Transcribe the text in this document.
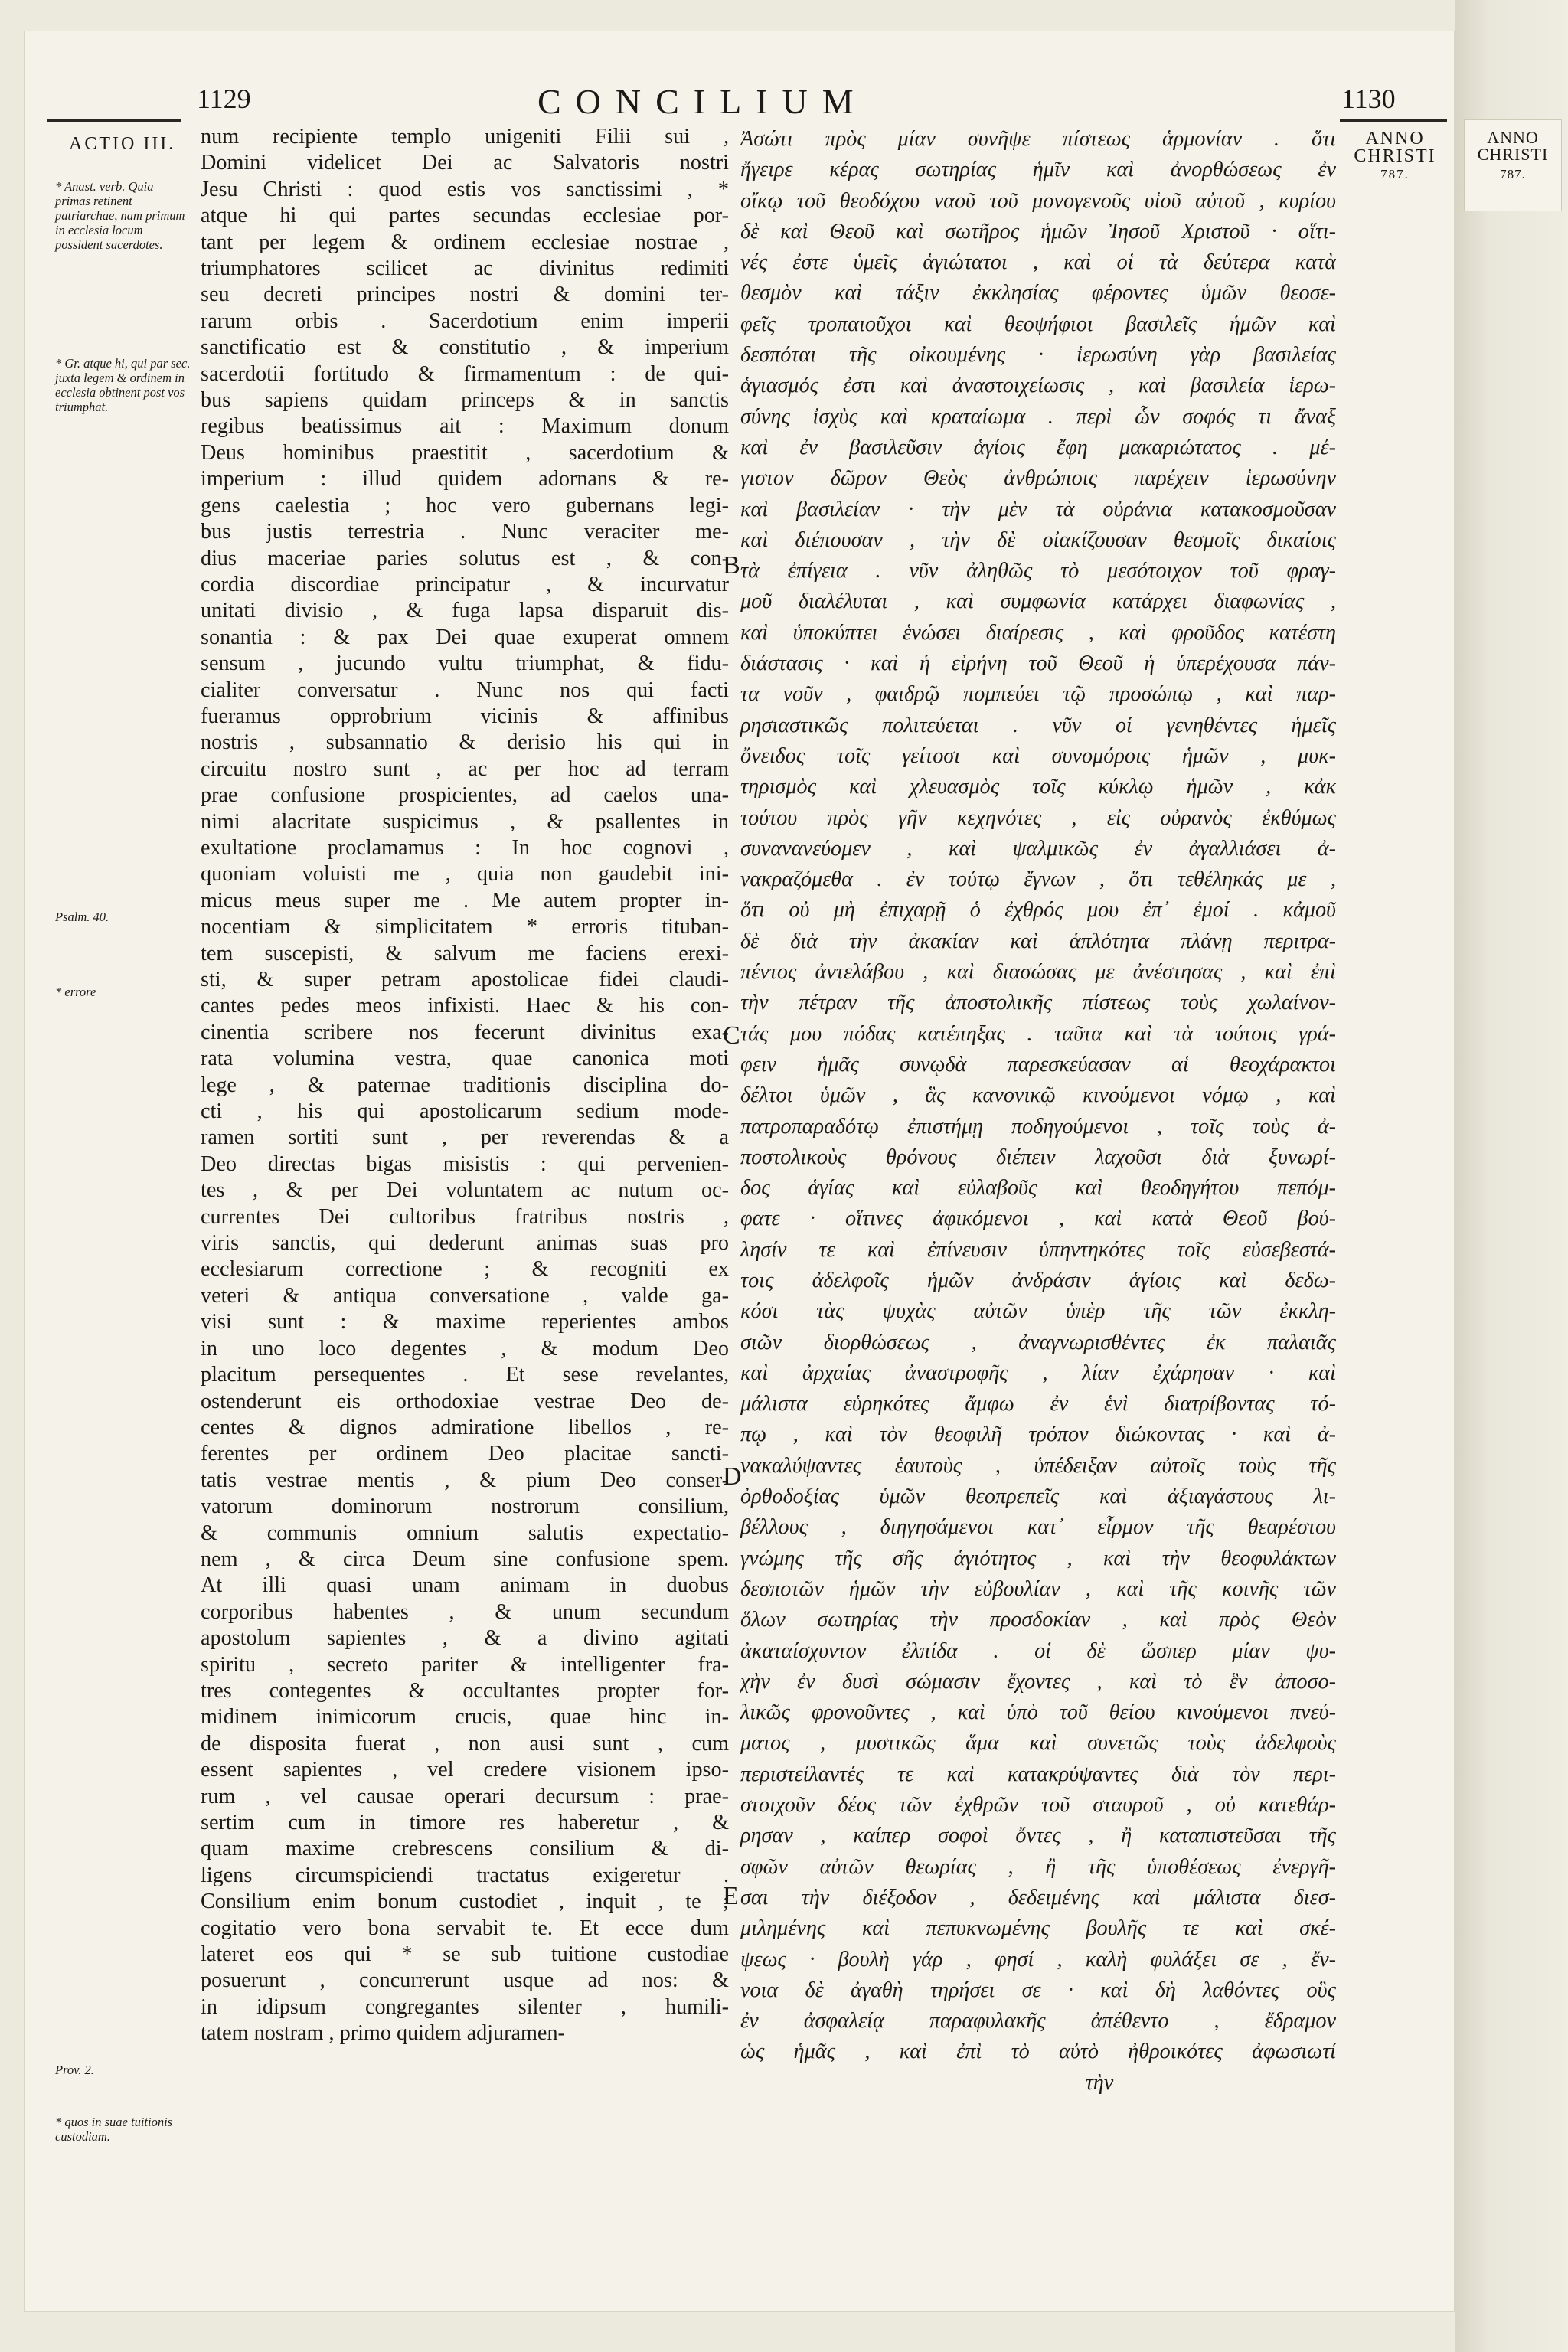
ANNO CHRISTI
787.
1129	CONCILIUM	1130
ANNO CHRISTI
787.
ACTIO III.
* Anast. verb. Quia primas retinent patriarchae, nam primum in ecclesia locum possident sacerdotes.
* Gr. atque hi, qui par sec. juxta legem & ordinem in ecclesia obtinent post vos triumphat.
Psalm. 40.
* errore
Prov. 2.
* quos in suae tuitionis custodiam.
num recipiente templo unigeniti Filii sui ,
Domini videlicet Dei ac Salvatoris nostri
Jesu Christi : quod estis vos sanctissimi , *
atque hi qui partes secundas ecclesiae por-
tant per legem & ordinem ecclesiae nostrae ,
triumphatores scilicet ac divinitus redimiti
seu decreti principes nostri & domini ter-
rarum orbis . Sacerdotium enim imperii
sanctificatio est & constitutio , & imperium
sacerdotii fortitudo & firmamentum : de qui-
bus sapiens quidam princeps & in sanctis
regibus beatissimus ait : Maximum donum
Deus hominibus praestitit , sacerdotium &
imperium : illud quidem adornans & re-
gens caelestia ; hoc vero gubernans legi-
bus justis terrestria . Nunc veraciter me-
dius maceriae paries solutus est , & con-
cordia discordiae principatur , & incurvatur
unitati divisio , & fuga lapsa disparuit dis-
sonantia : & pax Dei quae exuperat omnem
sensum , jucundo vultu triumphat, & fidu-
cialiter conversatur . Nunc nos qui facti
fueramus opprobrium vicinis & affinibus
nostris , subsannatio & derisio his qui in
circuitu nostro sunt , ac per hoc ad terram
prae confusione prospicientes, ad caelos una-
nimi alacritate suspicimus , & psallentes in
exultatione proclamamus : In hoc cognovi ,
quoniam voluisti me , quia non gaudebit ini-
micus meus super me . Me autem propter in-
nocentiam & simplicitatem * erroris tituban-
tem suscepisti, & salvum me faciens erexi-
sti, & super petram apostolicae fidei claudi-
cantes pedes meos infixisti. Haec & his con-
cinentia scribere nos fecerunt divinitus exa-
rata volumina vestra, quae canonica moti
lege , & paternae traditionis disciplina do-
cti , his qui apostolicarum sedium mode-
ramen sortiti sunt , per reverendas & a
Deo directas bigas misistis : qui pervenien-
tes , & per Dei voluntatem ac nutum oc-
currentes Dei cultoribus fratribus nostris ,
viris sanctis, qui dederunt animas suas pro
ecclesiarum correctione ; & recogniti ex
veteri & antiqua conversatione , valde ga-
visi sunt : & maxime reperientes ambos
in uno loco degentes , & modum Deo
placitum persequentes . Et sese revelantes,
ostenderunt eis orthodoxiae vestrae Deo de-
centes & dignos admiratione libellos , re-
ferentes per ordinem Deo placitae sancti-
tatis vestrae mentis , & pium Deo conser-
vatorum dominorum nostrorum consilium,
& communis omnium salutis expectatio-
nem , & circa Deum sine confusione spem.
At illi quasi unam animam in duobus
corporibus habentes , & unum secundum
apostolum sapientes , & a divino agitati
spiritu , secreto pariter & intelligenter fra-
tres contegentes & occultantes propter for-
midinem inimicorum crucis, quae hinc in-
de disposita fuerat , non ausi sunt , cum
essent sapientes , vel credere visionem ipso-
rum , vel causae operari decursum : prae-
sertim cum in timore res haberetur , &
quam maxime crebrescens consilium & di-
ligens circumspiciendi tractatus exigeretur .
Consilium enim bonum custodiet , inquit , te ;
cogitatio vero bona servabit te. Et ecce dum
lateret eos qui * se sub tuitione custodiae
posuerunt , concurrerunt usque ad nos: &
in idipsum congregantes silenter , humili-
tatem nostram , primo quidem adjuramen-
Ἀσώτι πρὸς μίαν συνῆψε πίστεως ἁρμονίαν . ὅτι
ἤγειρε κέρας σωτηρίας ἡμῖν καὶ ἀνορθώσεως ἐν
οἴκῳ τοῦ θεοδόχου ναοῦ τοῦ μονογενοῦς υἱοῦ αὐτοῦ , κυρίου
δὲ καὶ Θεοῦ καὶ σωτῆρος ἡμῶν Ἰησοῦ Χριστοῦ · οἵτι-
νές ἐστε ὑμεῖς ἁγιώτατοι , καὶ οἱ τὰ δεύτερα κατὰ
θεσμὸν καὶ τάξιν ἐκκλησίας φέροντες ὑμῶν θεοσε-
φεῖς τροπαιοῦχοι καὶ θεοψήφιοι βασιλεῖς ἡμῶν καὶ
δεσπόται τῆς οἰκουμένης · ἱερωσύνη γὰρ βασιλείας
ἁγιασμός ἐστι καὶ ἀναστοιχείωσις , καὶ βασιλεία ἱερω-
σύνης ἰσχὺς καὶ κραταίωμα . περὶ ὧν σοφός τι ἄναξ
καὶ ἐν βασιλεῦσιν ἁγίοις ἔφη μακαριώτατος . μέ-
γιστον δῶρον Θεὸς ἀνθρώποις παρέχειν ἱερωσύνην
καὶ βασιλείαν · τὴν μὲν τὰ οὐράνια κατακοσμοῦσαν
καὶ διέπουσαν , τὴν δὲ οἰακίζουσαν θεσμοῖς δικαίοις
τὰ ἐπίγεια . νῦν ἀληθῶς τὸ μεσότοιχον τοῦ φραγ-
μοῦ διαλέλυται , καὶ συμφωνία κατάρχει διαφωνίας ,
καὶ ὑποκύπτει ἑνώσει διαίρεσις , καὶ φροῦδος κατέστη
διάστασις · καὶ ἡ εἰρήνη τοῦ Θεοῦ ἡ ὑπερέχουσα πάν-
τα νοῦν , φαιδρῷ πομπεύει τῷ προσώπῳ , καὶ παρ-
ρησιαστικῶς πολιτεύεται . νῦν οἱ γενηθέντες ἡμεῖς
ὄνειδος τοῖς γείτοσι καὶ συνομόροις ἡμῶν , μυκ-
τηρισμὸς καὶ χλευασμὸς τοῖς κύκλῳ ἡμῶν , κἀκ
τούτου πρὸς γῆν κεχηνότες , εἰς οὐρανὸς ἐκθύμως
συνανανεύομεν , καὶ ψαλμικῶς ἐν ἀγαλλιάσει ἀ-
νακραζόμεθα . ἐν τούτῳ ἔγνων , ὅτι τεθέληκάς με ,
ὅτι οὐ μὴ ἐπιχαρῇ ὁ ἐχθρός μου ἐπ᾽ ἐμοί . κἀμοῦ
δὲ διὰ τὴν ἀκακίαν καὶ ἁπλότητα πλάνῃ περιτρα-
πέντος ἀντελάβου , καὶ διασώσας με ἀνέστησας , καὶ ἐπὶ
τὴν πέτραν τῆς ἀποστολικῆς πίστεως τοὺς χωλαίνον-
τάς μου πόδας κατέπηξας . ταῦτα καὶ τὰ τούτοις γρά-
φειν ἡμᾶς συνῳδὰ παρεσκεύασαν αἱ θεοχάρακτοι
δέλτοι ὑμῶν , ἃς κανονικῷ κινούμενοι νόμῳ , καὶ
πατροπαραδότῳ ἐπιστήμῃ ποδηγούμενοι , τοῖς τοὺς ἀ-
ποστολικοὺς θρόνους διέπειν λαχοῦσι διὰ ξυνωρί-
δος ἁγίας καὶ εὐλαβοῦς καὶ θεοδηγήτου πεπόμ-
φατε · οἵτινες ἀφικόμενοι , καὶ κατὰ Θεοῦ βού-
λησίν τε καὶ ἐπίνευσιν ὑπηντηκότες τοῖς εὐσεβεστά-
τοις ἀδελφοῖς ἡμῶν ἀνδράσιν ἁγίοις καὶ δεδω-
κόσι τὰς ψυχὰς αὐτῶν ὑπὲρ τῆς τῶν ἐκκλη-
σιῶν διορθώσεως , ἀναγνωρισθέντες ἐκ παλαιᾶς
καὶ ἀρχαίας ἀναστροφῆς , λίαν ἐχάρησαν · καὶ
μάλιστα εὑρηκότες ἄμφω ἐν ἑνὶ διατρίβοντας τό-
πῳ , καὶ τὸν θεοφιλῆ τρόπον διώκοντας · καὶ ἀ-
νακαλύψαντες ἑαυτοὺς , ὑπέδειξαν αὐτοῖς τοὺς τῆς
ὀρθοδοξίας ὑμῶν θεοπρεπεῖς καὶ ἀξιαγάστους λι-
βέλλους , διηγησάμενοι κατ᾽ εἶρμον τῆς θεαρέστου
γνώμης τῆς σῆς ἁγιότητος , καὶ τὴν θεοφυλάκτων
δεσποτῶν ἡμῶν τὴν εὐβουλίαν , καὶ τῆς κοινῆς τῶν
ὅλων σωτηρίας τὴν προσδοκίαν , καὶ πρὸς Θεὸν
ἀκαταίσχυντον ἐλπίδα . οἱ δὲ ὥσπερ μίαν ψυ-
χὴν ἐν δυσὶ σώμασιν ἔχοντες , καὶ τὸ ἓν ἀποσο-
λικῶς φρονοῦντες , καὶ ὑπὸ τοῦ θείου κινούμενοι πνεύ-
ματος , μυστικῶς ἅμα καὶ συνετῶς τοὺς ἀδελφοὺς
περιστείλαντές τε καὶ κατακρύψαντες διὰ τὸν περι-
στοιχοῦν δέος τῶν ἐχθρῶν τοῦ σταυροῦ , οὐ κατεθάρ-
ρησαν , καίπερ σοφοὶ ὄντες , ἢ καταπιστεῦσαι τῆς
σφῶν αὐτῶν θεωρίας , ἢ τῆς ὑποθέσεως ἐνεργῆ-
σαι τὴν διέξοδον , δεδειμένης καὶ μάλιστα διεσ-
μιλημένης καὶ πεπυκνωμένης βουλῆς τε καὶ σκέ-
ψεως · βουλὴ γάρ , φησί , καλὴ φυλάξει σε , ἔν-
νοια δὲ ἀγαθὴ τηρήσει σε · καὶ δὴ λαθόντες οὓς
ἐν ἀσφαλείᾳ παραφυλακῆς ἀπέθεντο , ἔδραμον
ὡς ἡμᾶς , καὶ ἐπὶ τὸ αὐτὸ ἠθροικότες ἀφωσιωτί
τὴν
B
C
D
E
